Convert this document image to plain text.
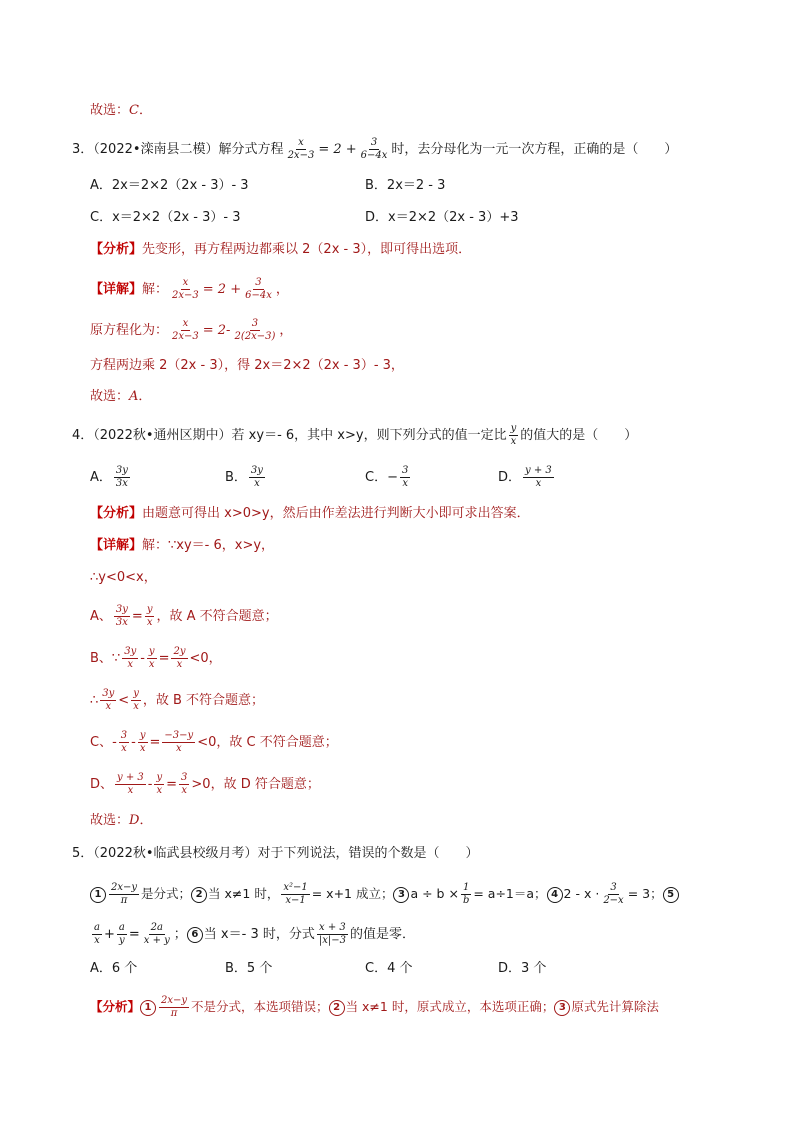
故选：C．
3．（2022•滦南县二模）解分式方程 $\frac{x}{2x-3} = 2 + \frac{3}{6-4x}$ 时，去分母化为一元一次方程，正确的是（　　）
A．2x＝2×2（2x - 3）- 3	B．2x＝2 - 3
C．x＝2×2（2x - 3）- 3	D．x＝2×2（2x - 3）+3
【分析】先变形，再方程两边都乘以 2（2x - 3），即可得出选项．
【详解】解： $\frac{x}{2x-3} = 2 + \frac{3}{6-4x}$ ，
原方程化为： $\frac{x}{2x-3} = 2- \frac{3}{2(2x-3)}$ ，
方程两边乘 2（2x - 3），得 2x＝2×2（2x - 3）- 3，
故选：A．
4．（2022秋•通州区期中）若 xy＝- 6，其中 x>y，则下列分式的值一定比 $\frac{y}{x}$ 的值大的是（　　）
A． $\frac{3y}{3x}$	B． $\frac{3y}{x}$	C．− $\frac{3}{x}$	D． $\frac{y + 3}{x}$
【分析】由题意可得出 x>0>y，然后由作差法进行判断大小即可求出答案．
【详解】解：∵xy＝- 6，x>y，
∴y<0<x，
A、 $\frac{3y}{3x} = \frac{y}{x}$ ，故 A 不符合题意；
B、∵ $\frac{3y}{x} - \frac{y}{x} = \frac{2y}{x} <0$，
∴ $\frac{3y}{x} < \frac{y}{x}$ ，故 B 不符合题意；
C、- $\frac{3}{x} - \frac{y}{x} = \frac{-3-y}{x} <0$，故 C 不符合题意；
D、 $\frac{y + 3}{x} - \frac{y}{x} = \frac{3}{x} >0$，故 D 符合题意；
故选：D．
5．（2022秋•临武县校级月考）对于下列说法，错误的个数是（　　）
$1 \frac{2x-y}{\pi}$ 是分式； 2 当 x≠1 时， $\frac{\text{x²−1}}{x-1} = x+1$ 成立； 3 $a \div b \times \frac{1}{b} = a\div 1=a$； 4 $2 - x \cdot \frac{3}{2-x} = 3$； 5
$\frac{a}{x} + \frac{a}{y} = \frac{2a}{x + y}$ ； 6 当 x＝- 3 时，分式 $\frac{x + 3}{|x|-3}$ 的值是零．
A．6 个	B．5 个	C．4 个	D．3 个
【分析】 $1 \frac{2x-y}{\pi}$ 不是分式，本选项错误； 2 当 x≠1 时，原式成立，本选项正确； 3 原式先计算除法
